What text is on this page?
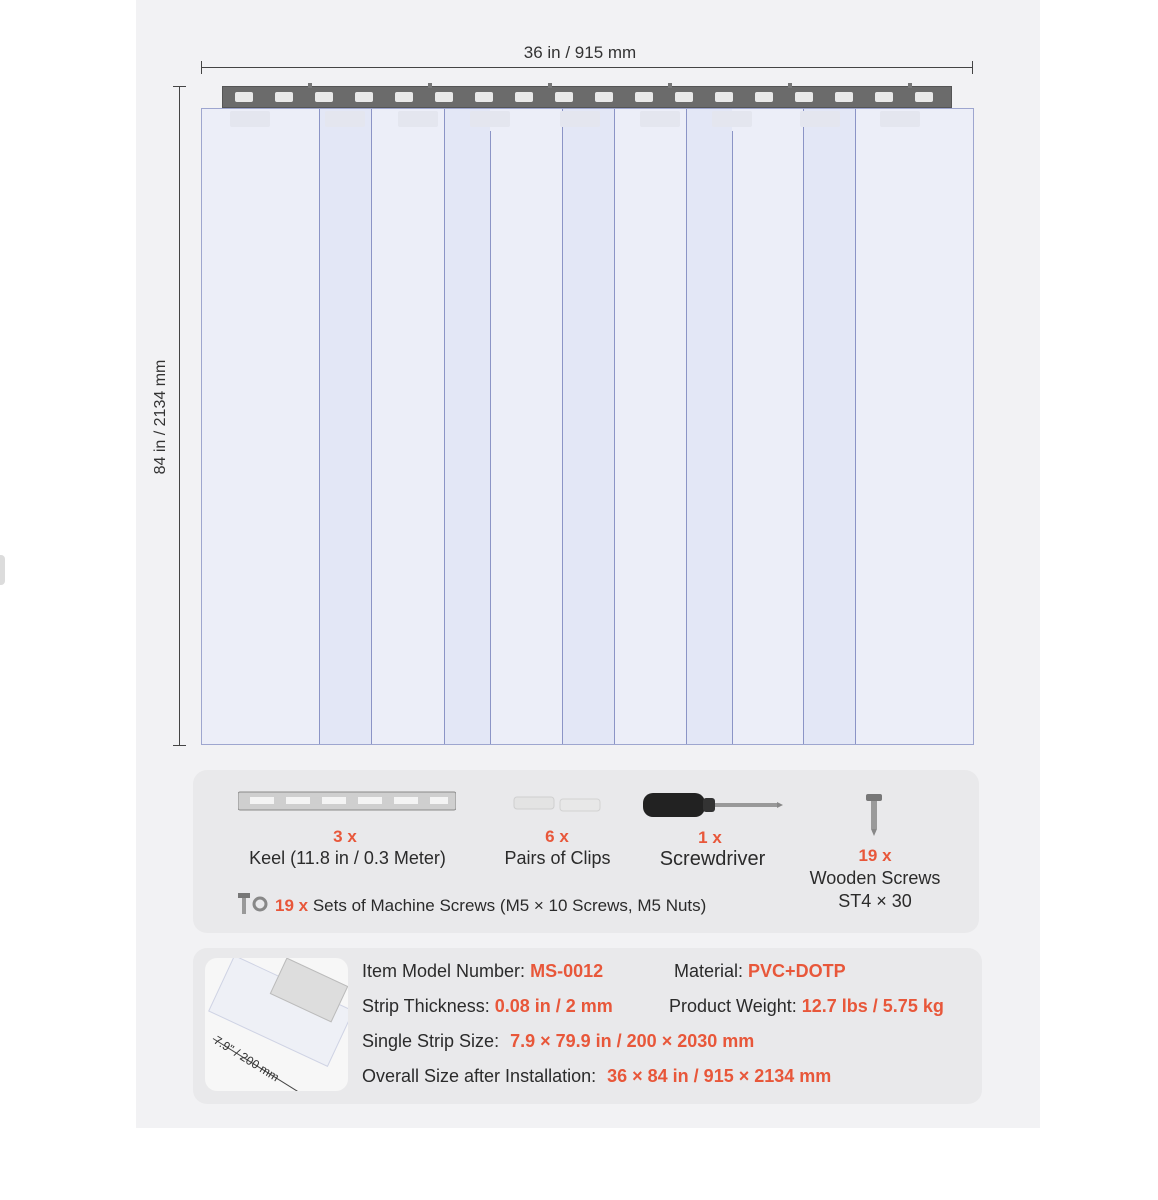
36 in / 915 mm
84 in / 2134 mm
3 x
Keel (11.8 in / 0.3 Meter)
6 x
Pairs of Clips
1 x
Screwdriver	19 x
Wooden Screws
ST4 × 30
19 x Sets of Machine Screws (M5 × 10 Screws, M5 Nuts)
7.9" / 200 mm
Item Model Number: MS-0012	Material: PVC+DOTP
Strip Thickness: 0.08 in / 2 mm	Product Weight: 12.7 lbs / 5.75 kg
Single Strip Size: 7.9 × 79.9 in / 200 × 2030 mm
Overall Size after Installation: 36 × 84 in / 915 × 2134 mm
